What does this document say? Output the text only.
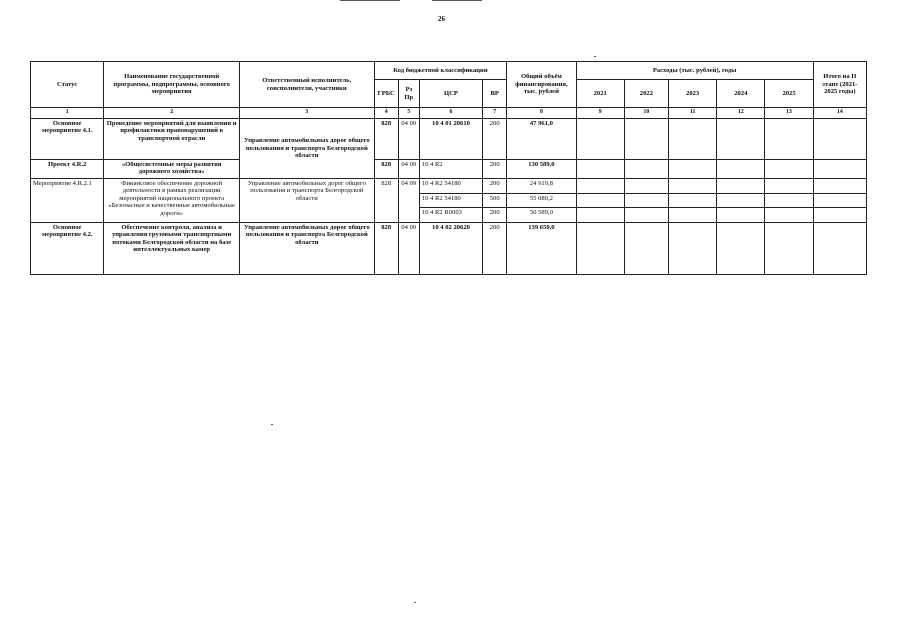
26
Статус	Наименование государственной программы, подпрограммы, основного мероприятия	Ответственный исполнитель, соисполнители, участники	Код бюджетной классификации				Общий объём финансирования, тыс. рублей	Расходы (тыс. рублей), годы					Итого на II этапе (2021-2025 годы)
			ГРБС	Рз Пр	ЦСР	ВР		2021	2022	2023	2024	2025	
1	2	3	4	5	6	7	8	9	10	11	12	13	14
Основное мероприятие 4.1.	Проведение мероприятий для выявления и профилактики правонарушений в транспортной отрасли	Управление автомобильных дорог общего пользования и транспорта Белгородской области	828	04 09	10 4 01 20610	200	47 961,0						
Проект 4.R.2	«Общесистемные меры развития дорожного хозяйства»		828	04 09	10 4 R2	200	130 589,0						
Мероприятие 4.R.2.1	Финансовое обеспечение дорожной деятельности в рамках реализации мероприятий национального проекта «Безопасные и качественные автомобильные дороги»	Управление автомобильных дорог общего пользования и транспорта Белгородской области	828	04 09	10 4 R2 54180	200	24 919,8						
					10 4 R2 54180	500	55 080,2						
					10 4 R2 R0003	200	50 589,0						
Основное мероприятие 4.2.	Обеспечение контроля, анализа и управления грузовыми транспортными потоками Белгородской области на базе интеллектуальных камер	Управление автомобильных дорог общего пользования и транспорта Белгородской области	828	04 09	10 4 02 20620	200	139 650,0						
